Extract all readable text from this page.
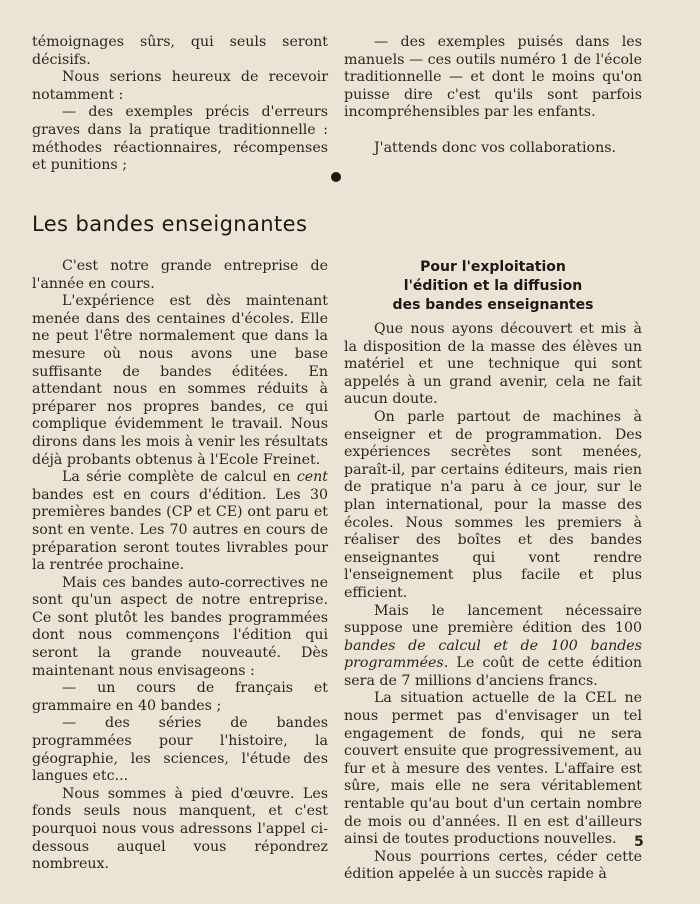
témoignages sûrs, qui seuls seront décisifs.

Nous serions heureux de recevoir notamment :

— des exemples précis d'erreurs graves dans la pratique traditionnelle : méthodes réactionnaires, récompenses et punitions ;

— des exemples puisés dans les manuels — ces outils numéro 1 de l'école traditionnelle — et dont le moins qu'on puisse dire c'est qu'ils sont parfois incompréhensibles par les enfants.

J'attends donc vos collaborations.

Les bandes enseignantes

C'est notre grande entreprise de l'année en cours.

L'expérience est dès maintenant menée dans des centaines d'écoles. Elle ne peut l'être normalement que dans la mesure où nous avons une base suffisante de bandes éditées. En attendant nous en sommes réduits à préparer nos propres bandes, ce qui complique évidemment le travail. Nous dirons dans les mois à venir les résultats déjà probants obtenus à l'Ecole Freinet.

La série complète de calcul en cent bandes est en cours d'édition. Les 30 premières bandes (CP et CE) ont paru et sont en vente. Les 70 autres en cours de préparation seront toutes livrables pour la rentrée prochaine.

Mais ces bandes auto-correctives ne sont qu'un aspect de notre entreprise. Ce sont plutôt les bandes programmées dont nous commençons l'édition qui seront la grande nouveauté. Dès maintenant nous envisageons :

— un cours de français et grammaire en 40 bandes ;

— des séries de bandes programmées pour l'histoire, la géographie, les sciences, l'étude des langues etc...

Nous sommes à pied d'œuvre. Les fonds seuls nous manquent, et c'est pourquoi nous vous adressons l'appel ci-dessous auquel vous répondrez nombreux.

Pour l'exploitation
l'édition et la diffusion
des bandes enseignantes

Que nous ayons découvert et mis à la disposition de la masse des élèves un matériel et une technique qui sont appelés à un grand avenir, cela ne fait aucun doute.

On parle partout de machines à enseigner et de programmation. Des expériences secrètes sont menées, paraît-il, par certains éditeurs, mais rien de pratique n'a paru à ce jour, sur le plan international, pour la masse des écoles. Nous sommes les premiers à réaliser des boîtes et des bandes enseignantes qui vont rendre l'enseignement plus facile et plus efficient.

Mais le lancement nécessaire suppose une première édition des 100 bandes de calcul et de 100 bandes programmées. Le coût de cette édition sera de 7 millions d'anciens francs.

La situation actuelle de la CEL ne nous permet pas d'envisager un tel engagement de fonds, qui ne sera couvert ensuite que progressivement, au fur et à mesure des ventes. L'affaire est sûre, mais elle ne sera véritablement rentable qu'au bout d'un certain nombre de mois ou d'années. Il en est d'ailleurs ainsi de toutes productions nouvelles.

Nous pourrions certes, céder cette édition appelée à un succès rapide à

5
